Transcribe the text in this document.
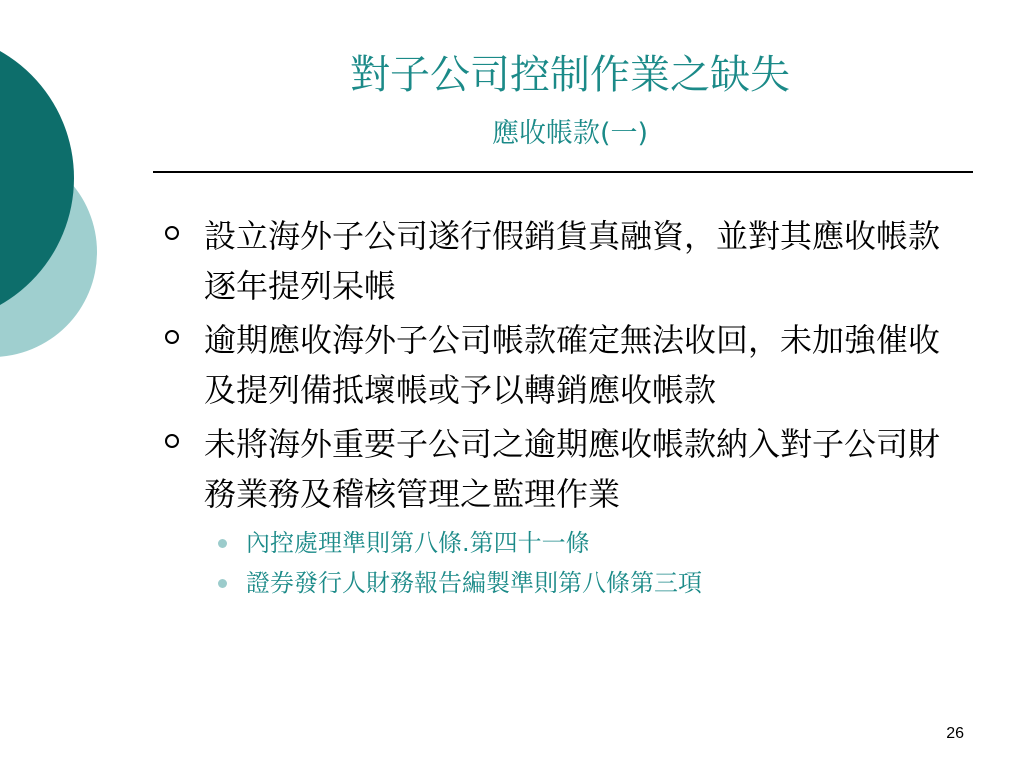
對子公司控制作業之缺失
應收帳款(一)
設立海外子公司遂行假銷貨真融資，並對其應收帳款逐年提列呆帳
逾期應收海外子公司帳款確定無法收回，未加強催收及提列備抵壞帳或予以轉銷應收帳款
未將海外重要子公司之逾期應收帳款納入對子公司財務業務及稽核管理之監理作業
內控處理準則第八條.第四十一條
證券發行人財務報告編製準則第八條第三項
26
